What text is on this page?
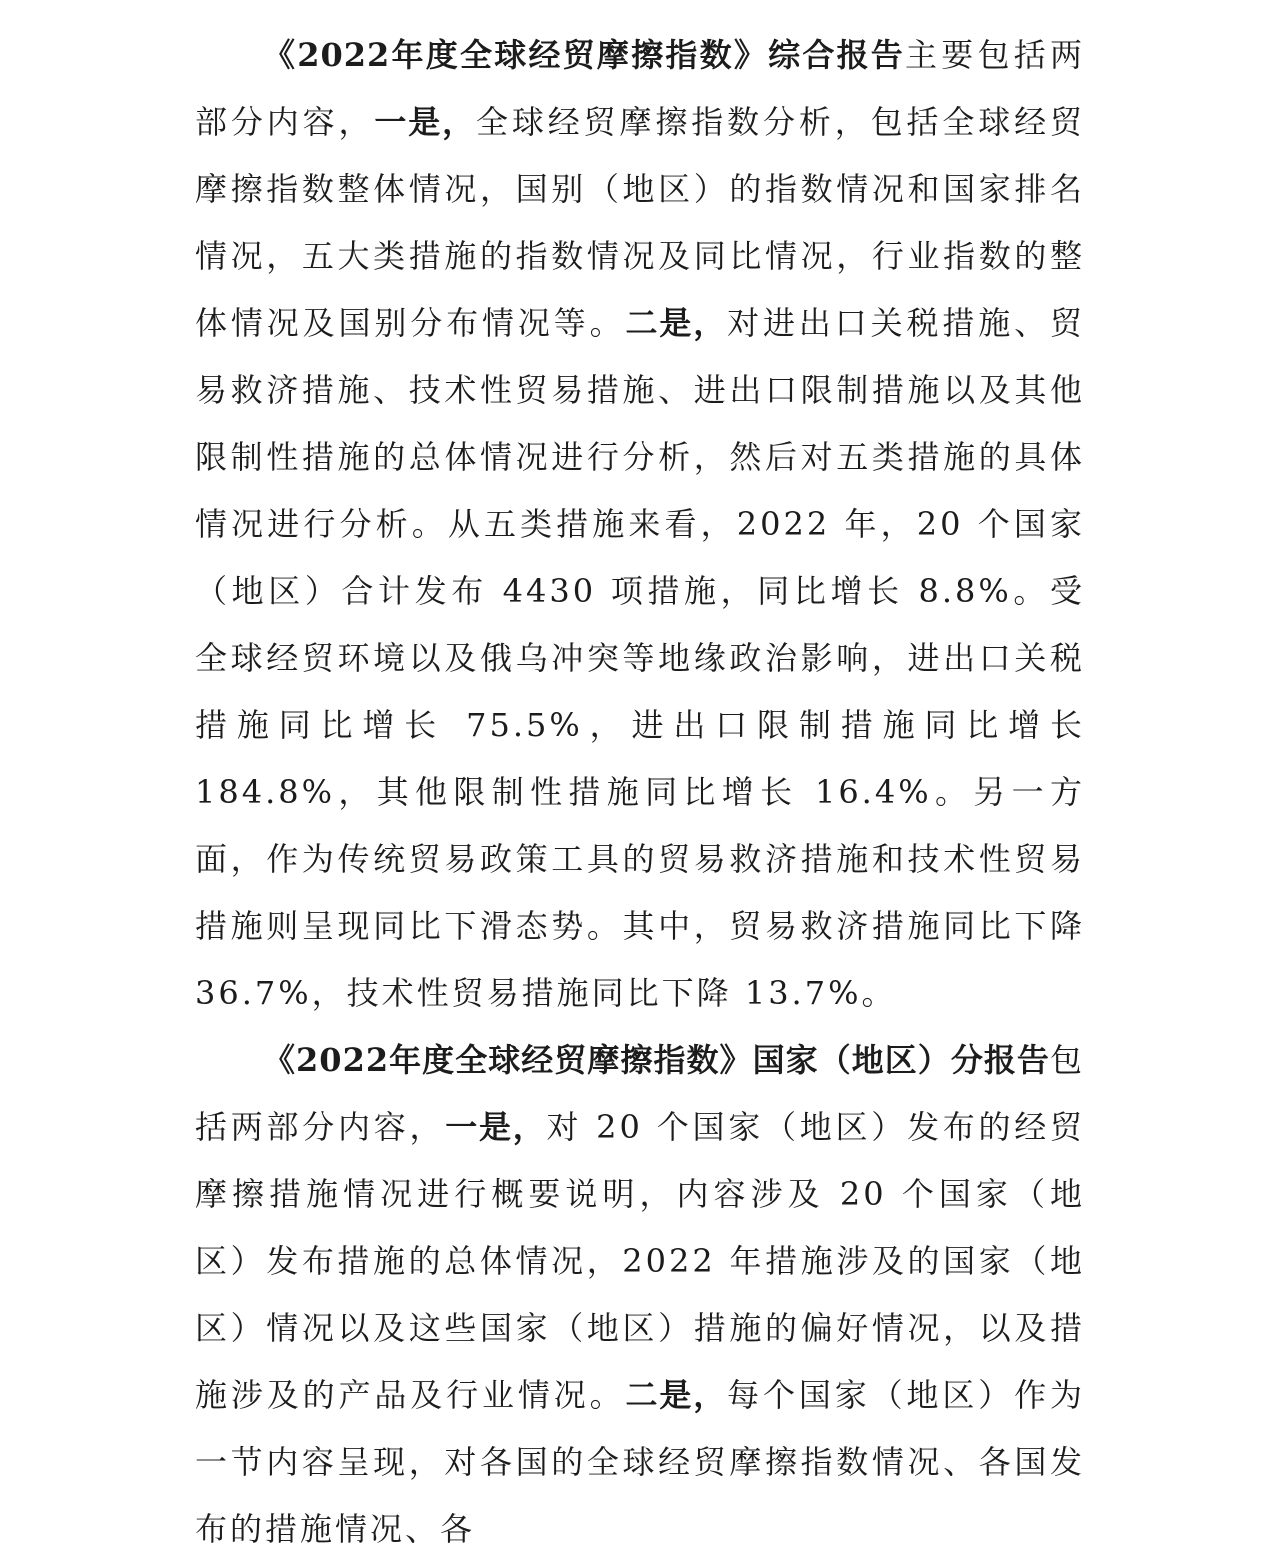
《2022年度全球经贸摩擦指数》综合报告主要包括两部分内容，一是，全球经贸摩擦指数分析，包括全球经贸摩擦指数整体情况，国别（地区）的指数情况和国家排名情况，五大类措施的指数情况及同比情况，行业指数的整体情况及国别分布情况等。二是，对进出口关税措施、贸易救济措施、技术性贸易措施、进出口限制措施以及其他限制性措施的总体情况进行分析，然后对五类措施的具体情况进行分析。从五类措施来看，2022 年，20 个国家（地区）合计发布 4430 项措施，同比增长 8.8%。受全球经贸环境以及俄乌冲突等地缘政治影响，进出口关税措施同比增长 75.5%，进出口限制措施同比增长 184.8%，其他限制性措施同比增长 16.4%。另一方面，作为传统贸易政策工具的贸易救济措施和技术性贸易措施则呈现同比下滑态势。其中，贸易救济措施同比下降 36.7%，技术性贸易措施同比下降 13.7%。

《2022年度全球经贸摩擦指数》国家（地区）分报告包括两部分内容，一是，对 20 个国家（地区）发布的经贸摩擦措施情况进行概要说明，内容涉及 20 个国家（地区）发布措施的总体情况，2022 年措施涉及的国家（地区）情况以及这些国家（地区）措施的偏好情况，以及措施涉及的产品及行业情况。二是，每个国家（地区）作为一节内容呈现，对各国的全球经贸摩擦指数情况、各国发布的措施情况、各
